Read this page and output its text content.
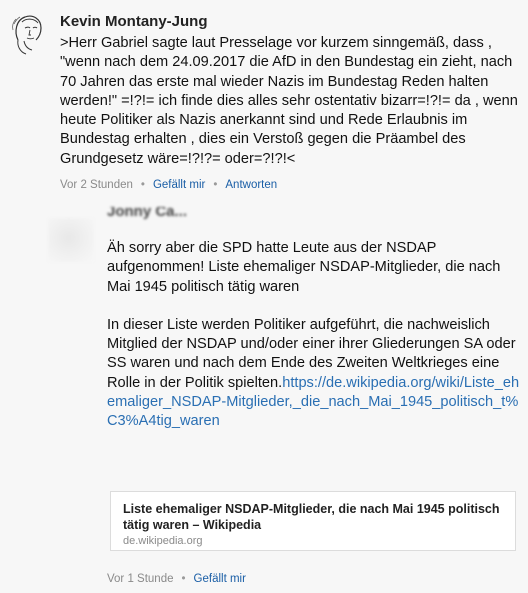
Kevin Montany-Jung
>Herr Gabriel sagte laut Presselage vor kurzem sinngemäß, dass , "wenn nach dem 24.09.2017 die AfD in den Bundestag ein zieht, nach 70 Jahren das erste mal wieder Nazis im Bundestag Reden halten werden!" =!?!= ich finde dies alles sehr ostentativ bizarr=!?!= da , wenn heute Politiker als Nazis anerkannt sind und Rede Erlaubnis im Bundestag erhalten , dies ein Verstoß gegen die Präambel des Grundgesetz wäre=!?!?= oder=?!?!<
Vor 2 Stunden • Gefällt mir • Antworten
Jonny Ca...

Äh sorry aber die SPD hatte Leute aus der NSDAP aufgenommen! Liste ehemaliger NSDAP-Mitglieder, die nach Mai 1945 politisch tätig waren

In dieser Liste werden Politiker aufgeführt, die nachweislich Mitglied der NSDAP und/oder einer ihrer Gliederungen SA oder SS waren und nach dem Ende des Zweiten Weltkrieges eine Rolle in der Politik spielten.https://de.wikipedia.org/wiki/Liste_ehemaliger_NSDAP-Mitglieder,_die_nach_Mai_1945_politisch_t%C3%A4tig_waren

Liste ehemaliger NSDAP-Mitglieder, die nach Mai 1945 politisch tätig waren – Wikipedia
de.wikipedia.org
Vor 1 Stunde • Gefällt mir
